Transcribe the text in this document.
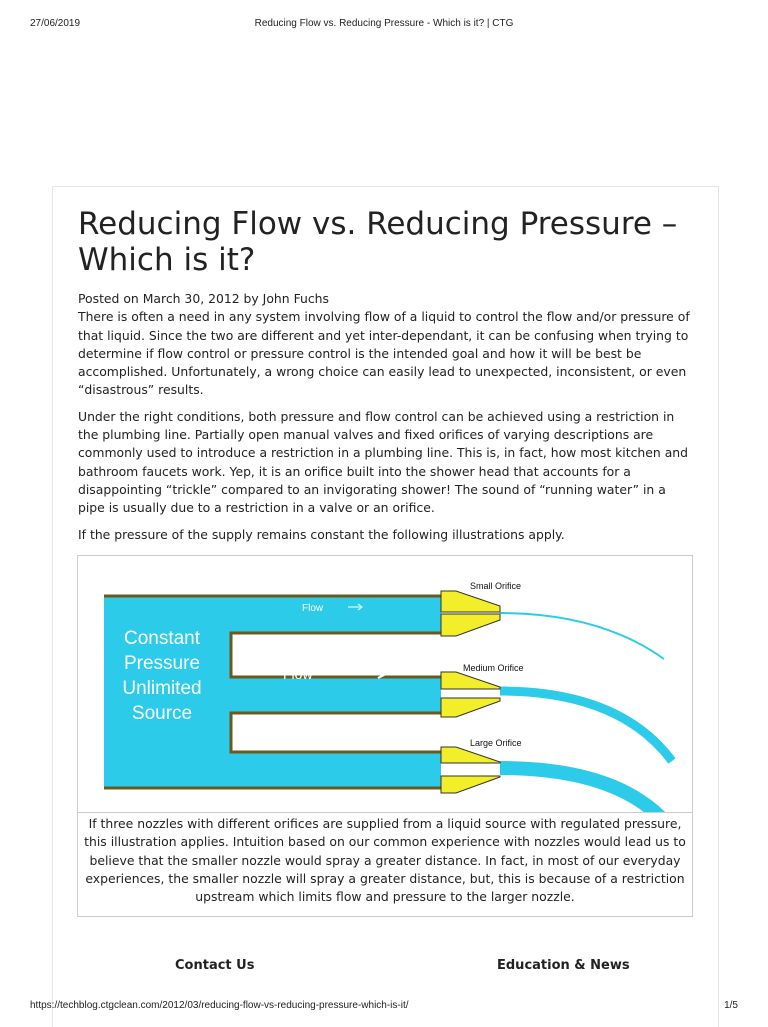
27/06/2019	Reducing Flow vs. Reducing Pressure - Which is it? | CTG
Reducing Flow vs. Reducing Pressure – Which is it?
Posted on March 30, 2012 by John Fuchs

There is often a need in any system involving flow of a liquid to control the flow and/or pressure of that liquid. Since the two are different and yet inter-dependant, it can be confusing when trying to determine if flow control or pressure control is the intended goal and how it will be best be accomplished. Unfortunately, a wrong choice can easily lead to unexpected, inconsistent, or even “disastrous” results.

Under the right conditions, both pressure and flow control can be achieved using a restriction in the plumbing line. Partially open manual valves and fixed orifices of varying descriptions are commonly used to introduce a restriction in a plumbing line. This is, in fact, how most kitchen and bathroom faucets work. Yep, it is an orifice built into the shower head that accounts for a disappointing “trickle” compared to an invigorating shower! The sound of “running water” in a pipe is usually due to a restriction in a valve or an orifice.

If the pressure of the supply remains constant the following illustrations apply.

Constant Pressure Unlimited Source
Flow
Flow
Flow
Small Orifice
Medium Orifice
Large Orifice
If three nozzles with different orifices are supplied from a liquid source with regulated pressure, this illustration applies. Intuition based on our common experience with nozzles would lead us to believe that the smaller nozzle would spray a greater distance. In fact, in most of our everyday experiences, the smaller nozzle will spray a greater distance, but, this is because of a restriction upstream which limits flow and pressure to the larger nozzle.
Contact Us	Education & News
https://techblog.ctgclean.com/2012/03/reducing-flow-vs-reducing-pressure-which-is-it/	1/5
